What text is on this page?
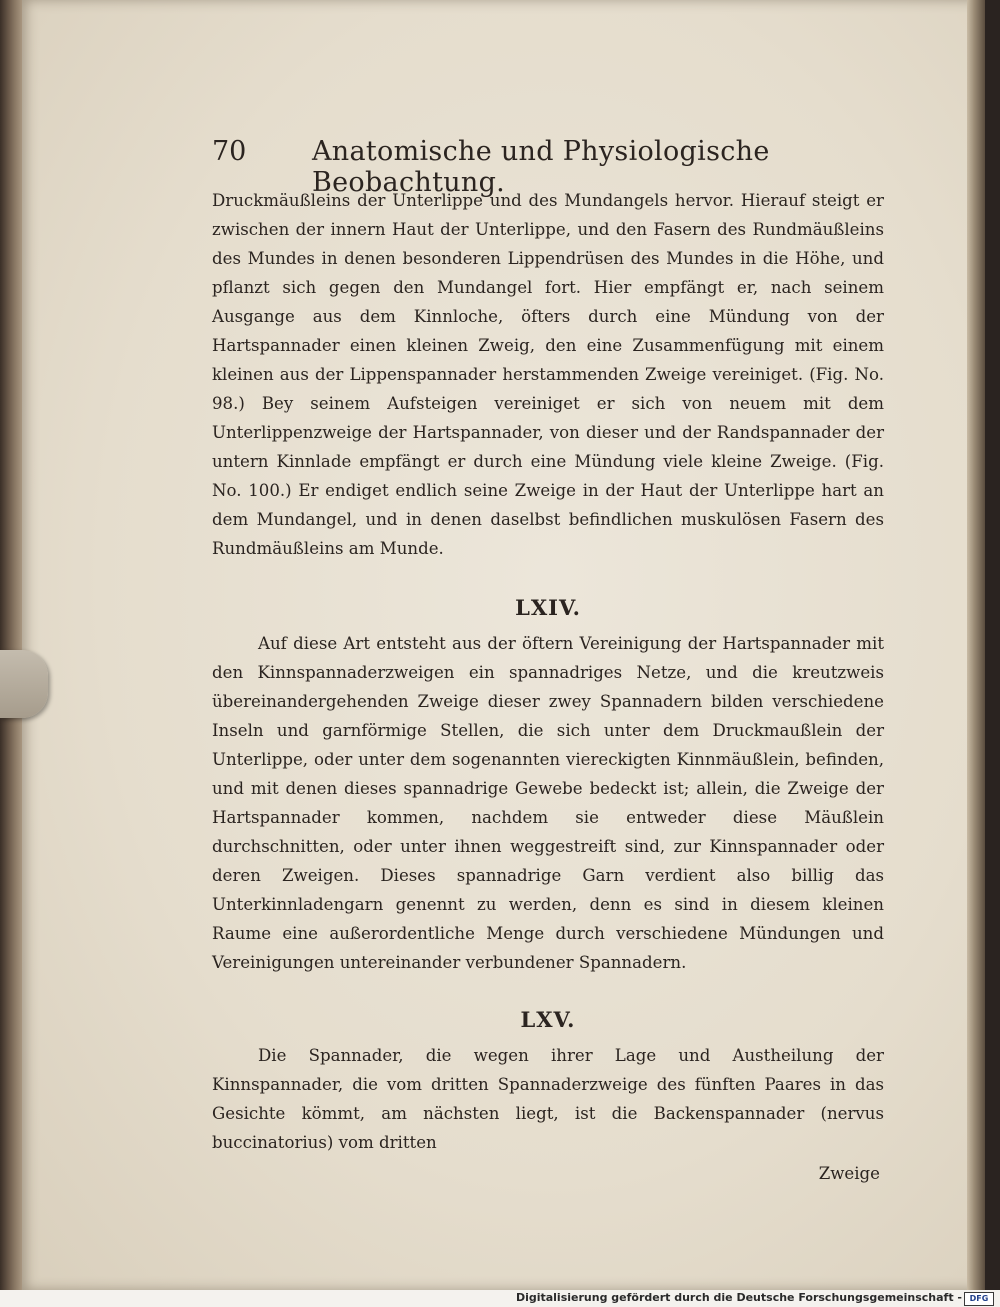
70 Anatomische und Physiologische Beobachtung.

Druckmäußleins der Unterlippe und des Mundangels hervor. Hierauf steigt er zwischen der innern Haut der Unterlippe, und den Fasern des Rundmäußleins des Mundes in denen besonderen Lippendrüsen des Mundes in die Höhe, und pflanzt sich gegen den Mundangel fort. Hier empfängt er, nach seinem Ausgange aus dem Kinnloche, öfters durch eine Mündung von der Hartspannader einen kleinen Zweig, den eine Zusammenfügung mit einem kleinen aus der Lippenspannader herstammenden Zweige vereiniget. (Fig. No. 98.) Bey seinem Aufsteigen vereiniget er sich von neuem mit dem Unterlippenzweige der Hartspannader, von dieser und der Randspannader der untern Kinnlade empfängt er durch eine Mündung viele kleine Zweige. (Fig. No. 100.) Er endiget endlich seine Zweige in der Haut der Unterlippe hart an dem Mundangel, und in denen daselbst befindlichen muskulösen Fasern des Rundmäußleins am Munde.

LXIV.

Auf diese Art entsteht aus der öftern Vereinigung der Hartspannader mit den Kinnspannaderzweigen ein spannadriges Netze, und die kreutzweis übereinandergehenden Zweige dieser zwey Spannadern bilden verschiedene Inseln und garnförmige Stellen, die sich unter dem Druckmaußlein der Unterlippe, oder unter dem sogenannten viereckigten Kinnmäußlein, befinden, und mit denen dieses spannadrige Gewebe bedeckt ist; allein, die Zweige der Hartspannader kommen, nachdem sie entweder diese Mäußlein durchschnitten, oder unter ihnen weggestreift sind, zur Kinnspannader oder deren Zweigen. Dieses spannadrige Garn verdient also billig das Unterkinnladengarn genennt zu werden, denn es sind in diesem kleinen Raume eine außerordentliche Menge durch verschiedene Mündungen und Vereinigungen untereinander verbundener Spannadern.

LXV.

Die Spannader, die wegen ihrer Lage und Austheilung der Kinnspannader, die vom dritten Spannaderzweige des fünften Paares in das Gesichte kömmt, am nächsten liegt, ist die Backenspannader (nervus buccinatorius) vom dritten

Zweige
Digitalisierung gefördert durch die Deutsche Forschungsgemeinschaft - DFG
